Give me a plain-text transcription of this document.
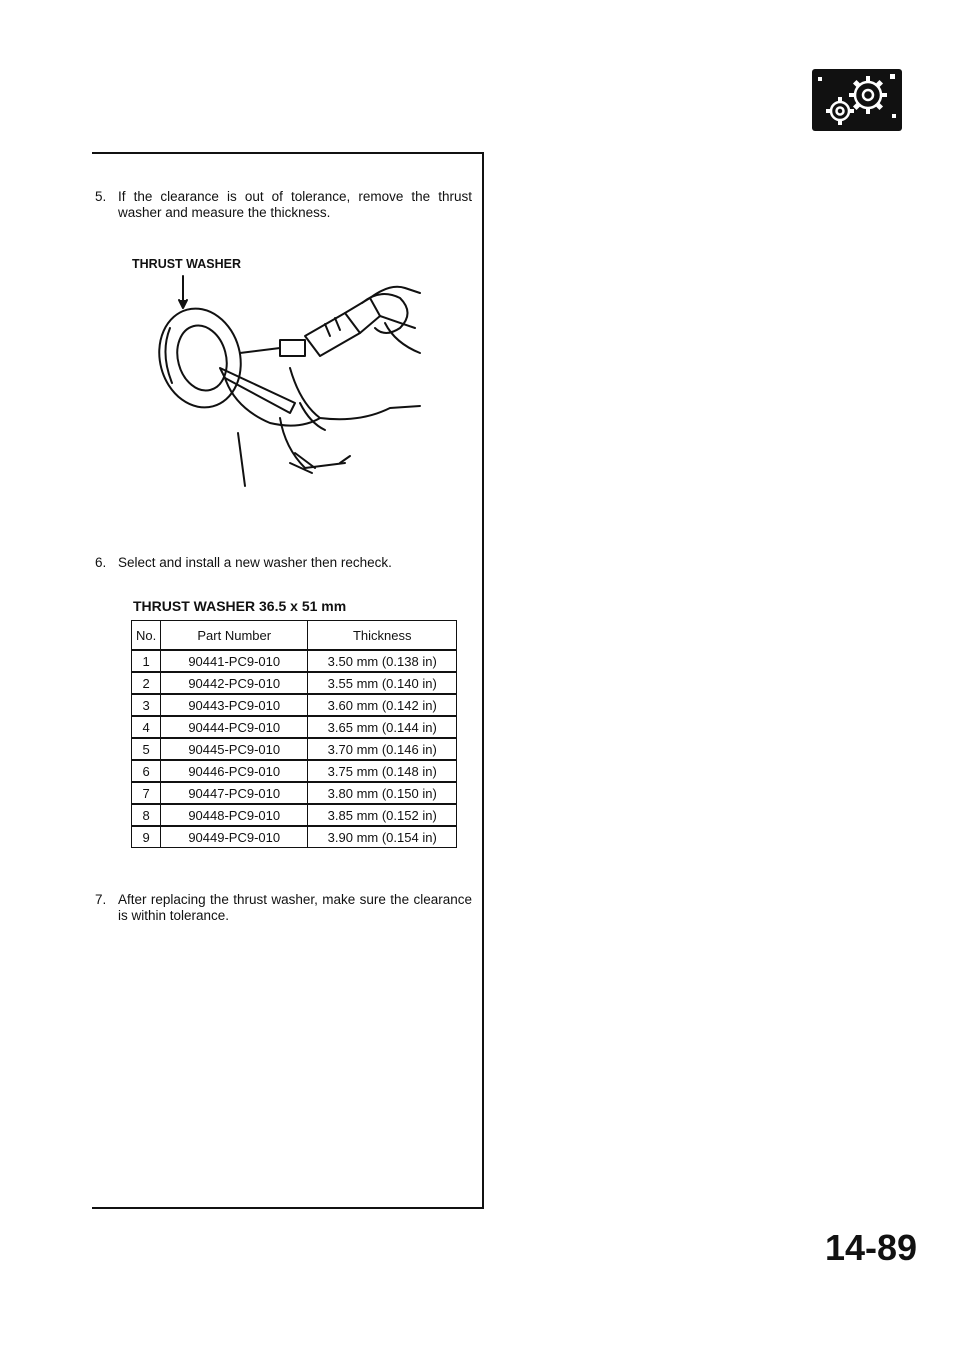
5. If the clearance is out of tolerance, remove the thrust washer and measure the thickness.
THRUST WASHER
6. Select and install a new washer then recheck.
THRUST WASHER 36.5 x 51 mm
No.	Part Number	Thickness
1	90441-PC9-010	3.50 mm (0.138 in)
2	90442-PC9-010	3.55 mm (0.140 in)
3	90443-PC9-010	3.60 mm (0.142 in)
4	90444-PC9-010	3.65 mm (0.144 in)
5	90445-PC9-010	3.70 mm (0.146 in)
6	90446-PC9-010	3.75 mm (0.148 in)
7	90447-PC9-010	3.80 mm (0.150 in)
8	90448-PC9-010	3.85 mm (0.152 in)
9	90449-PC9-010	3.90 mm (0.154 in)
7. After replacing the thrust washer, make sure the clearance is within tolerance.
14-89
